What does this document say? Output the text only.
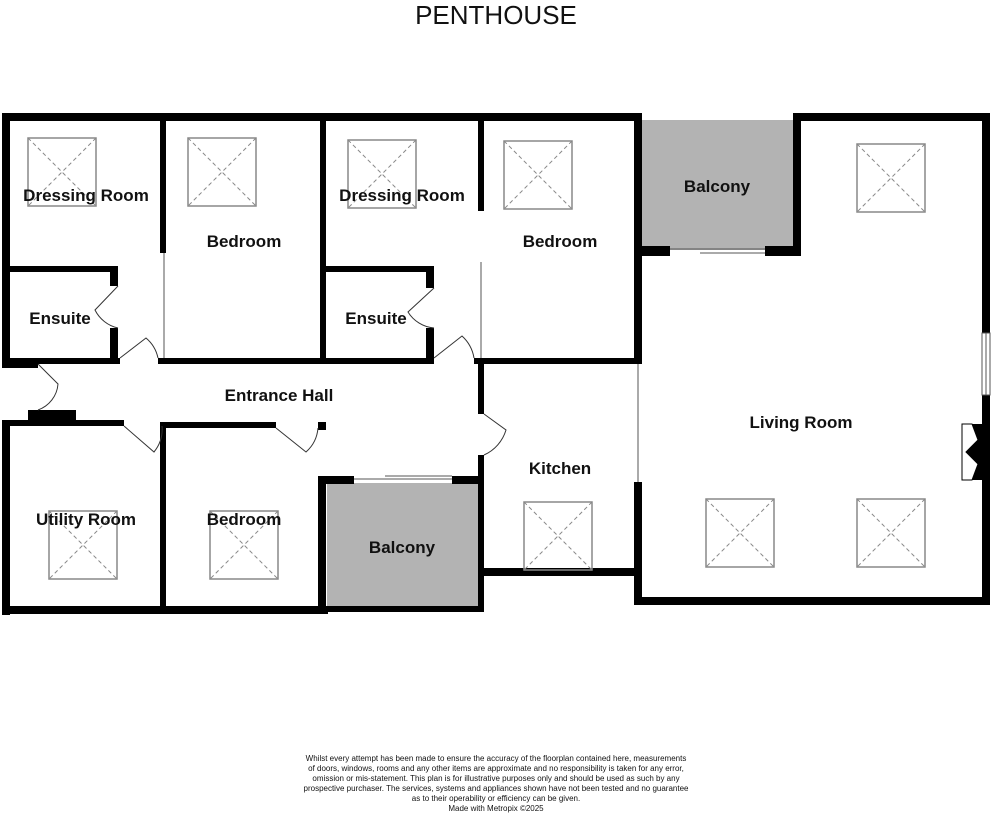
PENTHOUSE
Dressing Room
Bedroom
Dressing Room
Bedroom
Balcony
Ensuite	Ensuite
Entrance Hall
Living Room
Kitchen
Utility Room	Bedroom
Balcony
Whilst every attempt has been made to ensure the accuracy of the floorplan contained here, measurements
of doors, windows, rooms and any other items are approximate and no responsibility is taken for any error,
omission or mis-statement. This plan is for illustrative purposes only and should be used as such by any
prospective purchaser. The services, systems and appliances shown have not been tested and no guarantee
as to their operability or efficiency can be given.
Made with Metropix ©2025
